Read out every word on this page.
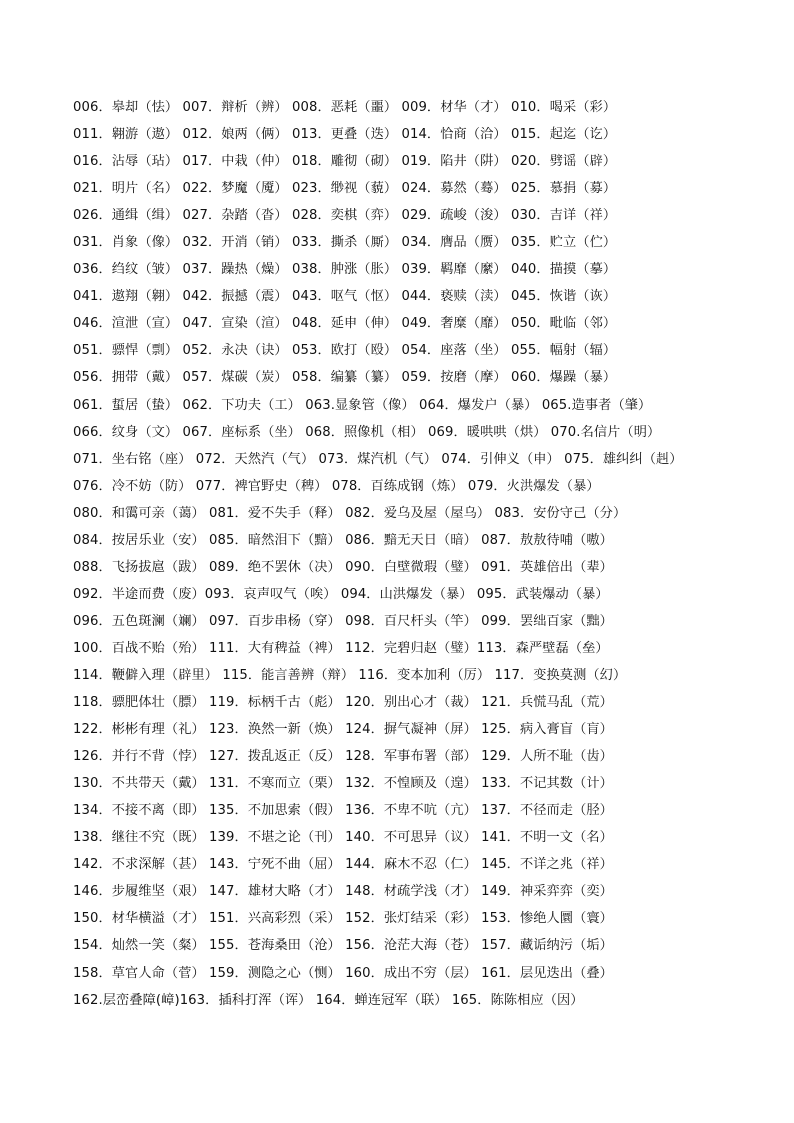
006．皋却（怯） 007．辩析（辨） 008．恶耗（噩） 009．材华（才） 010．喝采（彩）
011．翱游（遨） 012．娘两（俩） 013．更叠（迭） 014．恰商（洽） 015．起迄（讫）
016．沾辱（玷） 017．中栽（仲） 018．雕彻（砌） 019．陷井（阱） 020．劈谣（辟）
021．明片（名） 022．梦魔（魇） 023．缈视（藐） 024．募然（蓦） 025．慕捐（募）
026．通缉（缉） 027．杂踏（沓） 028．奕棋（弈） 029．疏峻（浚） 030．吉详（祥）
031．肖象（像） 032．开消（销） 033．撕杀（厮） 034．膺品（赝） 035．贮立（伫）
036．绉纹（皱） 037．躁热（燥） 038．肿涨（胀） 039．羁靡（縻） 040．描摸（摹）
041．遨翔（翱） 042．振撼（震） 043．呕气（怄） 044．亵赎（渎） 045．恢谐（诙）
046．渲泄（宣） 047．宣染（渲） 048．延申（伸） 049．奢糜（靡） 050．毗临（邻）
051．骠悍（剽） 052．永决（诀） 053．欧打（殴） 054．座落（坐） 055．幅射（辐）
056．拥带（戴） 057．煤碳（炭） 058．编纂（纂） 059．按磨（摩） 060．爆躁（暴）
061．蜇居（蛰） 062．下功夫（工） 063.显象管（像） 064．爆发户（暴） 065.造事者（肇）
066．纹身（文） 067．座标系（坐） 068．照像机（相） 069．暖哄哄（烘） 070.名信片（明）
071．坐右铭（座） 072．天然汽（气） 073．煤汽机（气） 074．引伸义（申） 075．雄纠纠（赳）
076．冷不妨（防） 077．裨官野史（稗） 078．百练成钢（炼） 079．火洪爆发（暴）
080．和霭可亲（蔼） 081．爱不失手（释） 082．爱乌及屋（屋乌） 083．安份守己（分）
084．按居乐业（安） 085．暗然泪下（黯） 086．黯无天日（暗） 087．敖敖待哺（嗷）
088．飞扬拔扈（跋） 089．绝不罢休（决） 090．白壁微瑕（璧） 091．英雄倍出（辈）
092．半途而费（废）093．哀声叹气（唉） 094．山洪爆发（暴） 095．武装爆动（暴）
096．五色斑澜（斓） 097．百步串杨（穿） 098．百尺杆头（竿） 099．罢绌百家（黜）
100．百战不贻（殆） 111．大有稗益（裨） 112．完碧归赵（璧）113．森严壁磊（垒）
114．鞭僻入理（辟里） 115．能言善辨（辩） 116．变本加利（厉） 117．变换莫测（幻）
118．骠肥体壮（膘） 119．标柄千古（彪） 120．别出心才（裁） 121．兵慌马乱（荒）
122．彬彬有理（礼） 123．涣然一新（焕） 124．摒气凝神（屏） 125．病入膏盲（肓）
126．并行不背（悖） 127．拨乱返正（反） 128．军事布署（部） 129．人所不耻（齿）
130．不共带天（戴） 131．不寒而立（栗） 132．不惶顾及（遑） 133．不记其数（计）
134．不接不离（即） 135．不加思索（假） 136．不卑不吭（亢） 137．不径而走（胫）
138．继往不究（既） 139．不堪之论（刊） 140．不可思异（议） 141．不明一文（名）
142．不求深解（甚） 143．宁死不曲（屈） 144．麻木不忍（仁） 145．不详之兆（祥）
146．步履维坚（艰） 147．雄材大略（才） 148．材疏学浅（才） 149．神采弈弈（奕）
150．材华横溢（才） 151．兴高彩烈（采） 152．张灯结采（彩） 153．惨绝人圜（寰）
154．灿然一笑（粲） 155．苍海桑田（沧） 156．沧茫大海（苍） 157．藏诟纳污（垢）
158．草官人命（菅） 159．测隐之心（恻） 160．成出不穷（层） 161．层见迭出（叠）
162.层峦叠障(嶂)163．插科打浑（诨） 164．蝉连冠军（联） 165．陈陈相应（因）
